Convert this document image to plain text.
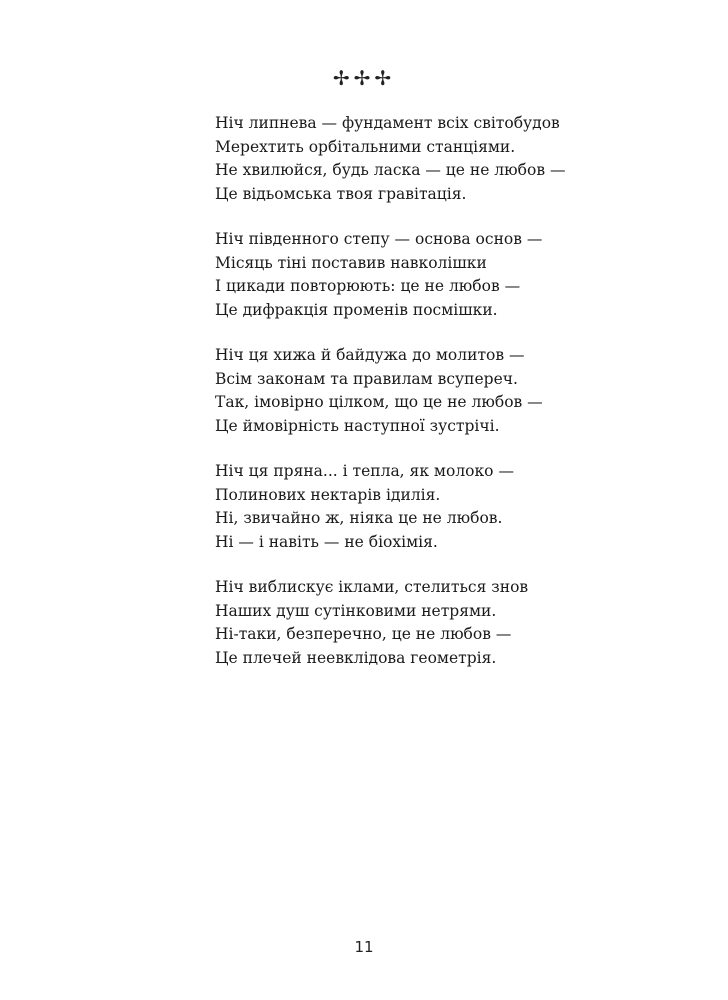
✢✢✢
Ніч липнева — фундамент всіх світобудов
Мерехтить орбітальними станціями.
Не хвилюйся, будь ласка — це не любов —
Це відьомська твоя гравітація.
Ніч південного степу — основа основ —
Місяць тіні поставив навколішки
І цикади повторюють: це не любов —
Це дифракція променів посмішки.
Ніч ця хижа й байдужа до молитов —
Всім законам та правилам всупереч.
Так, імовірно цілком, що це не любов —
Це ймовірність наступної зустрічі.
Ніч ця пряна... і тепла, як молоко —
Полинових нектарів ідилія.
Ні, звичайно ж, ніяка це не любов.
Ні — і навіть — не біохімія.
Ніч виблискує іклами, стелиться знов
Наших душ сутінковими нетрями.
Ні-таки, безперечно, це не любов —
Це плечей неевклідова геометрія.
11
